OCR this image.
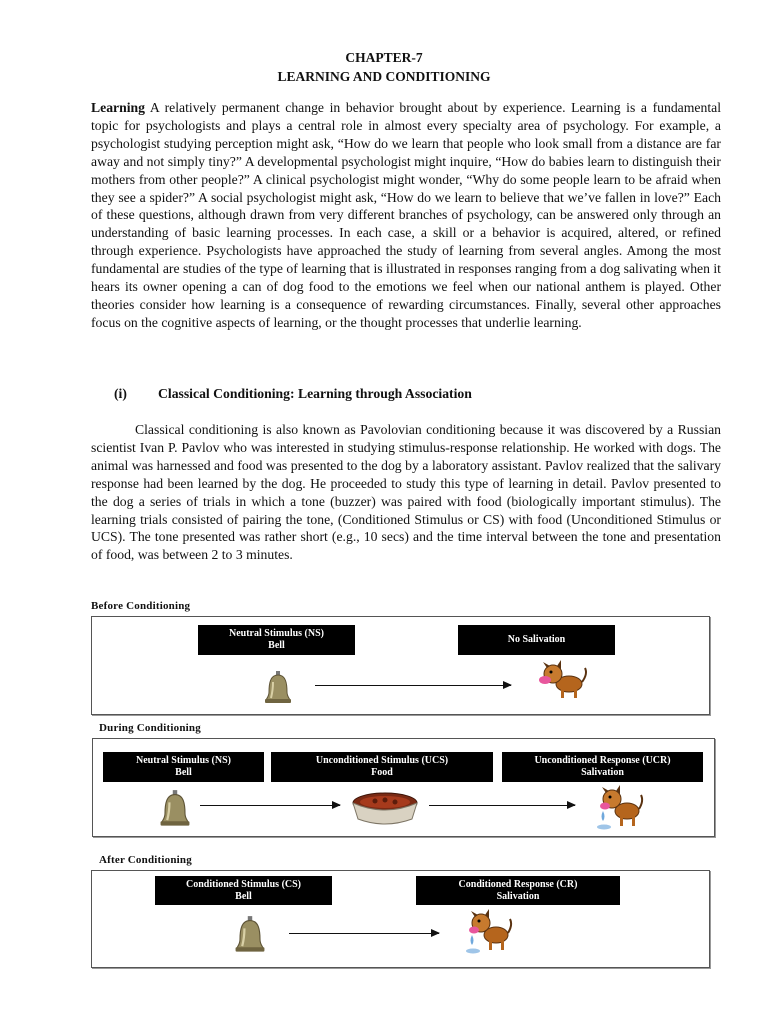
CHAPTER-7
LEARNING AND CONDITIONING

Learning A relatively permanent change in behavior brought about by experience. Learning is a fundamental topic for psychologists and plays a central role in almost every specialty area of psychology. For example, a psychologist studying perception might ask, “How do we learn that people who look small from a distance are far away and not simply tiny?” A developmental psychologist might inquire, “How do babies learn to distinguish their mothers from other people?” A clinical psychologist might wonder, “Why do some people learn to be afraid when they see a spider?” A social psychologist might ask, “How do we learn to believe that we’ve fallen in love?” Each of these questions, although drawn from very different branches of psychology, can be answered only through an understanding of basic learning processes. In each case, a skill or a behavior is acquired, altered, or refined through experience. Psychologists have approached the study of learning from several angles. Among the most fundamental are studies of the type of learning that is illustrated in responses ranging from a dog salivating when it hears its owner opening a can of dog food to the emotions we feel when our national anthem is played. Other theories consider how learning is a consequence of rewarding circumstances. Finally, several other approaches focus on the cognitive aspects of learning, or the thought processes that underlie learning.

(i) Classical Conditioning: Learning through Association

Classical conditioning is also known as Pavolovian conditioning because it was discovered by a Russian scientist Ivan P. Pavlov who was interested in studying stimulus-response relationship. He worked with dogs. The animal was harnessed and food was presented to the dog by a laboratory assistant. Pavlov realized that the salivary response had been learned by the dog. He proceeded to study this type of learning in detail. Pavlov presented to the dog a series of trials in which a tone (buzzer) was paired with food (biologically important stimulus). The learning trials consisted of pairing the tone, (Conditioned Stimulus or CS) with food (Unconditioned Stimulus or UCS). The tone presented was rather short (e.g., 10 secs) and the time interval between the tone and presentation of food, was between 2 to 3 minutes.

Before Conditioning
Neutral Stimulus (NS)
Bell
No Salivation
During Conditioning
Neutral Stimulus (NS)
Bell
Unconditioned Stimulus (UCS)
Food
Unconditioned Response (UCR)
Salivation
After Conditioning
Conditioned Stimulus (CS)
Bell
Conditioned Response (CR)
Salivation
